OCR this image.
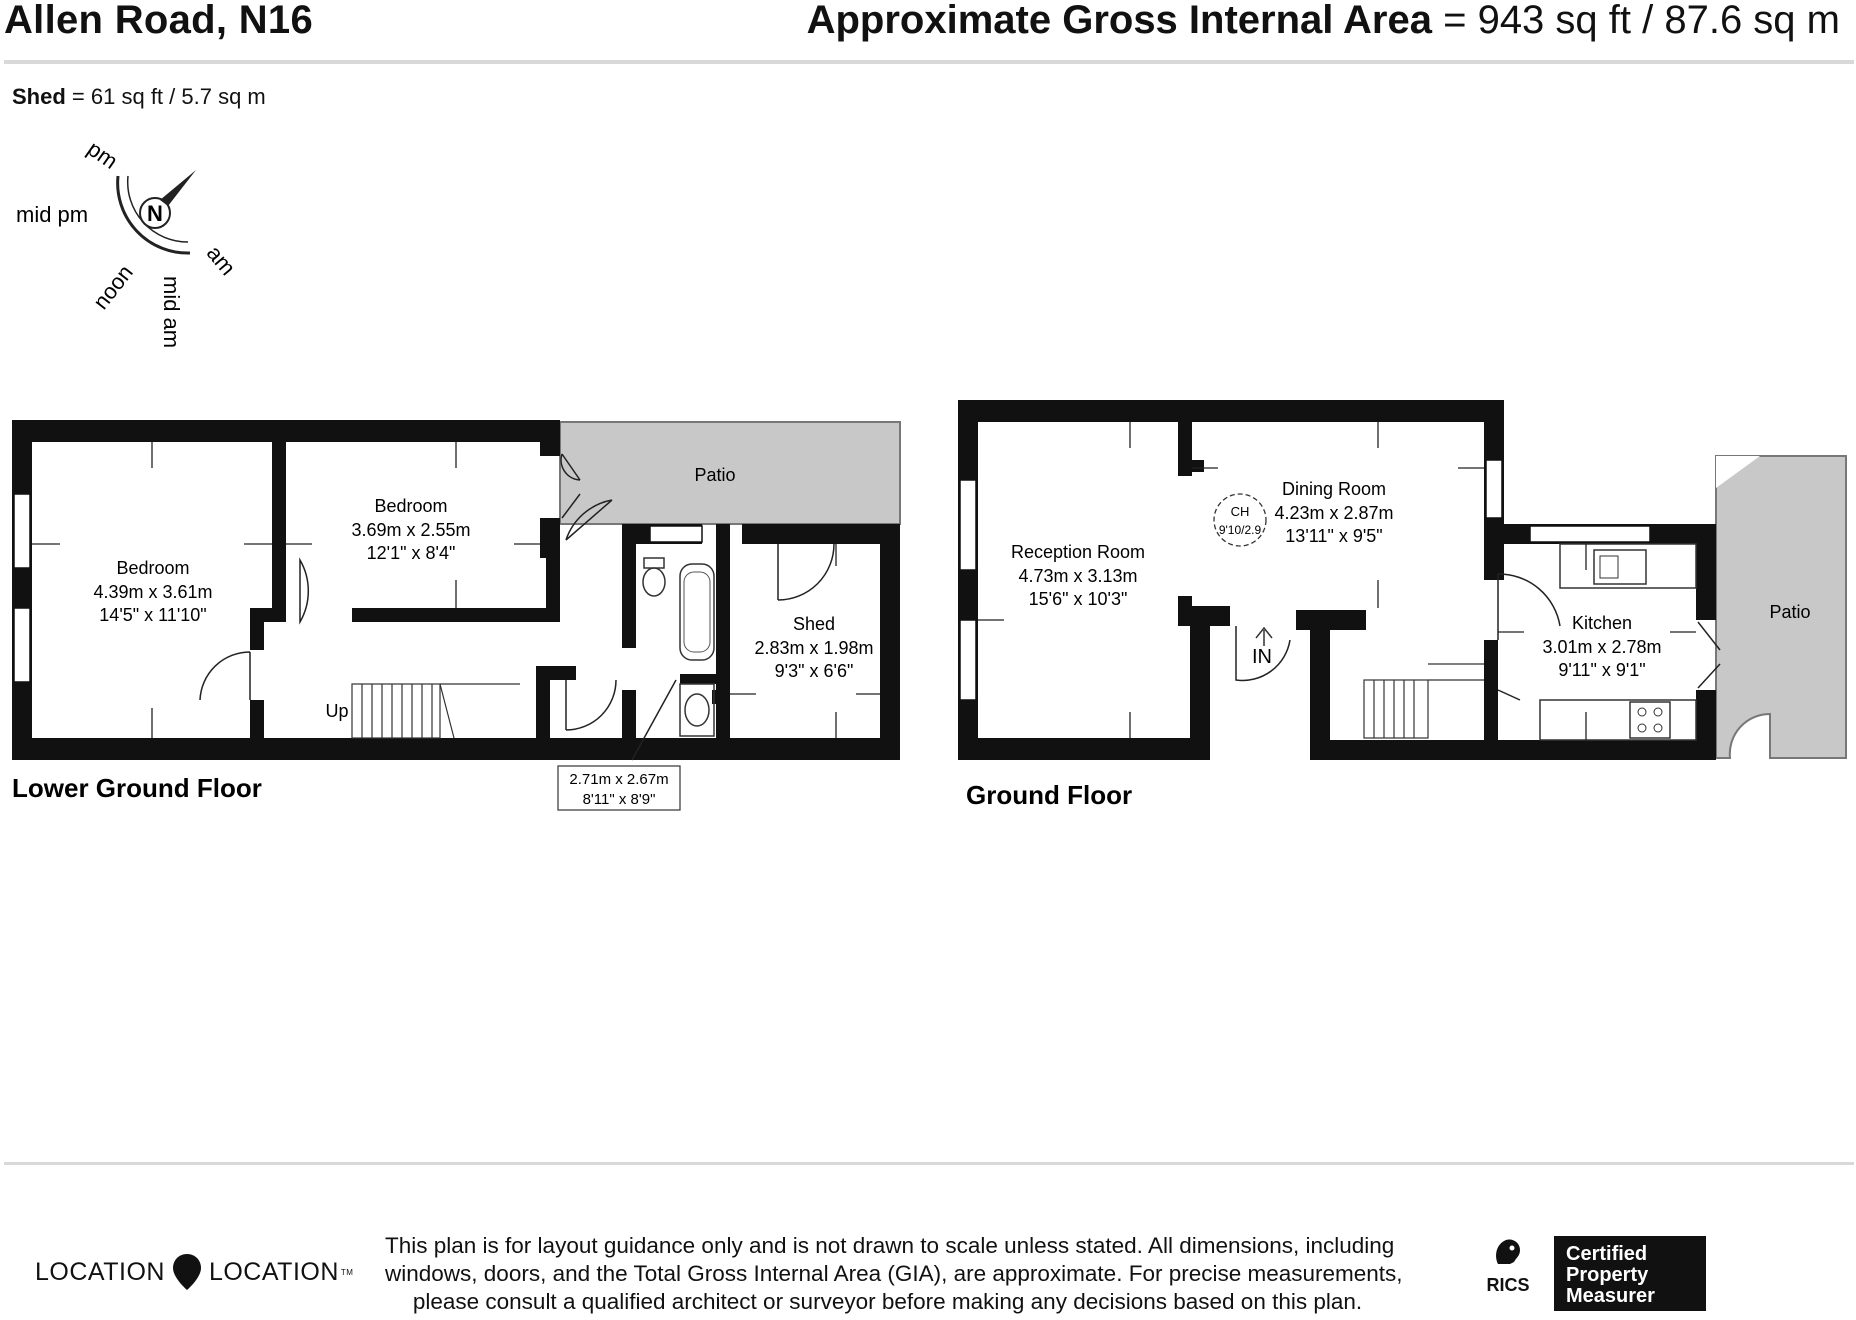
Allen Road, N16	Approximate Gross Internal Area = 943 sq ft / 87.6 sq m
Shed = 61 sq ft / 5.7 sq m
N
pm
mid pm
noon mid am
am
Patio
Bedroom
4.39m x 3.61m
14'5" x 11'10"
Bedroom
3.69m x 2.55m
12'1" x 8'4"
Shed
2.83m x 1.98m
9'3" x 6'6"
Up
2.71m x 2.67m
8'11" x 8'9"
Lower Ground Floor
CH
9'10/2.9
Reception Room
4.73m x 3.13m
15'6" x 10'3"
Dining Room
4.23m x 2.87m
13'11" x 9'5"
Kitchen
3.01m x 2.78m
9'11" x 9'1"
Patio
IN
Ground Floor
LOCATION LOCATION TM
This plan is for layout guidance only and is not drawn to scale unless stated. All dimensions, including
windows, doors, and the Total Gross Internal Area (GIA), are approximate. For precise measurements,
please consult a qualified architect or surveyor before making any decisions based on this plan.
RICS
Certified
Property
Measurer
